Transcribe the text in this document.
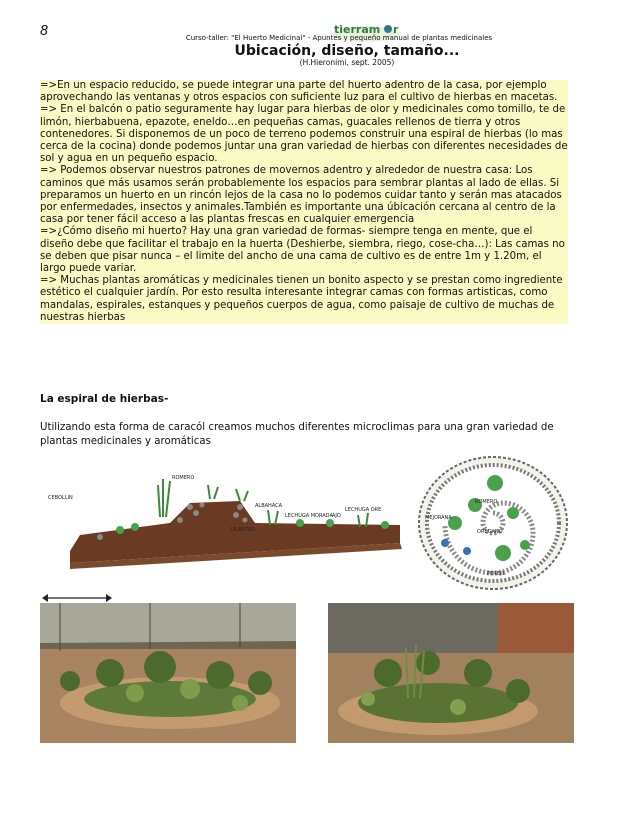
8	tierram r
Curso-taller: "El Huerto Medicinal" - Apuntes y pequeño manual de plantas medicinales
Ubicación, diseño, tamaño...
(H.Hieronimi, sept. 2005)

=>En un espacio reducido, se puede integrar una parte del huerto adentro de la casa, por ejemplo aprovechando las ventanas y otros espacios con suficiente luz para el cultivo de hierbas en macetas.

=> En el balcón o patio seguramente hay lugar para hierbas de olor y medicinales como tomillo, te de limón, hierbabuena, epazote, eneldo…en pequeñas camas, guacales rellenos de tierra y otros contenedores. Si disponemos de un poco de terreno podemos construir una espiral de hierbas (lo mas cerca de la cocina) donde podemos juntar una gran variedad de hierbas con diferentes necesidades de sol y agua en un pequeño espacio.

=> Podemos observar nuestros patrones de movernos adentro y alrededor de nuestra casa: Los caminos que más usamos serán probablemente los espacios para sembrar plantas al lado de ellas. Si preparamos un huerto en un rincón lejos de la casa no lo podemos cuidar tanto y serán mas atacados por enfermedades, insectos y animales.También es importante una úbicación cercana al centro de la casa por tener fácil acceso a las plantas frescas en cualquier emergencia

=>¿Cómo diseño mi huerto? Hay una gran variedad de formas- siempre tenga en mente, que el diseño debe que facilitar el trabajo en la huerta (Deshierbe, siembra, riego, cose-cha…): Las camas no se deben que pisar nunca – el limite del ancho de una cama de cultivo es de entre 1m y 1.20m, el largo puede variar.

=> Muchas plantas aromáticas y medicinales tienen un bonito aspecto y se prestan como ingrediente estético el cualquier jardín. Por esto resulta interesante integrar camas con formas artisticas, como mandalas, espirales, estanques y pequeños cuerpos de agua, como paisaje de cultivo de muchas de nuestras hierbas

La espiral de hierbas-
Utilizando esta forma de caracól creamos muchos diferentes microclimas para una gran variedad de plantas medicinales y aromáticas
ROMERO
CEBOLLIN
ALBAHACA
CILANTRO
LECHUGA MORADA AJO
LECHUGA ORE
ROMERO
MEJORANA
OREGANO
PEREJIL
